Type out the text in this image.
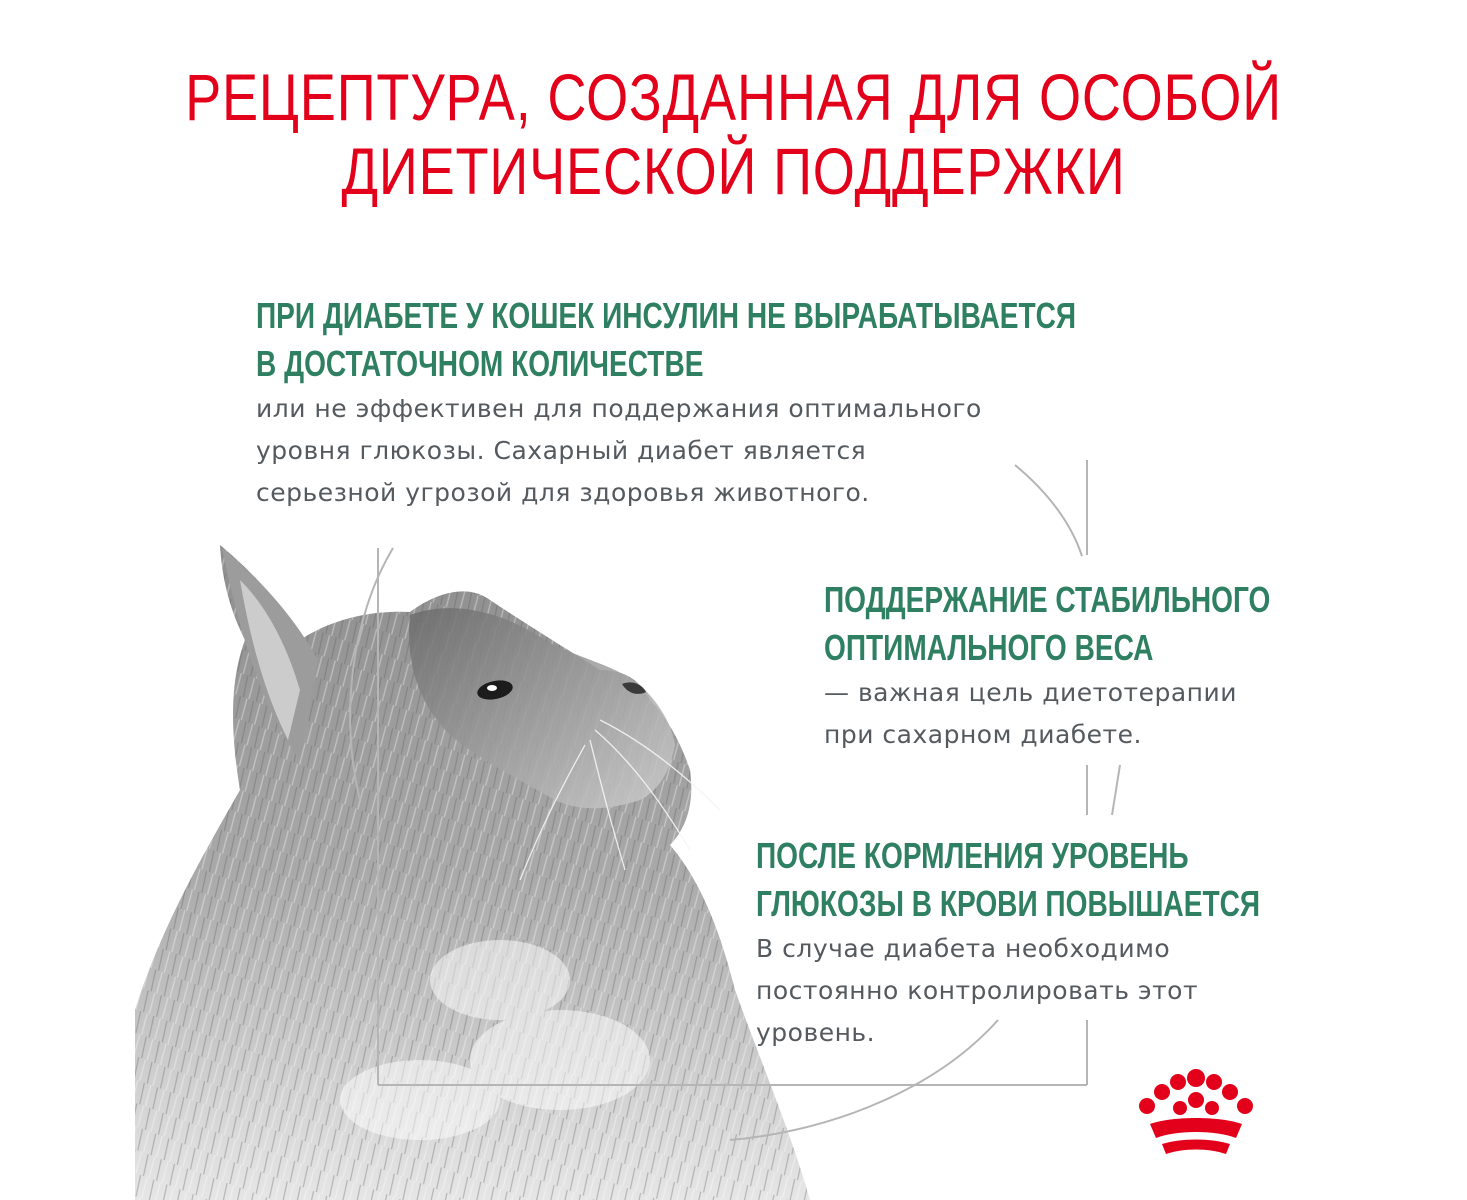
РЕЦЕПТУРА, СОЗДАННАЯ ДЛЯ ОСОБОЙ
ДИЕТИЧЕСКОЙ ПОДДЕРЖКИ
ПРИ ДИАБЕТЕ У КОШЕК ИНСУЛИН НЕ ВЫРАБАТЫВАЕТСЯ
В ДОСТАТОЧНОМ КОЛИЧЕСТВЕ
или не эффективен для поддержания оптимального
уровня глюкозы. Сахарный диабет является
серьезной угрозой для здоровья животного.
ПОДДЕРЖАНИЕ СТАБИЛЬНОГО
ОПТИМАЛЬНОГО ВЕСА
— важная цель диетотерапии
при сахарном диабете.
ПОСЛЕ КОРМЛЕНИЯ УРОВЕНЬ
ГЛЮКОЗЫ В КРОВИ ПОВЫШАЕТСЯ
В случае диабета необходимо
постоянно контролировать этот
уровень.
